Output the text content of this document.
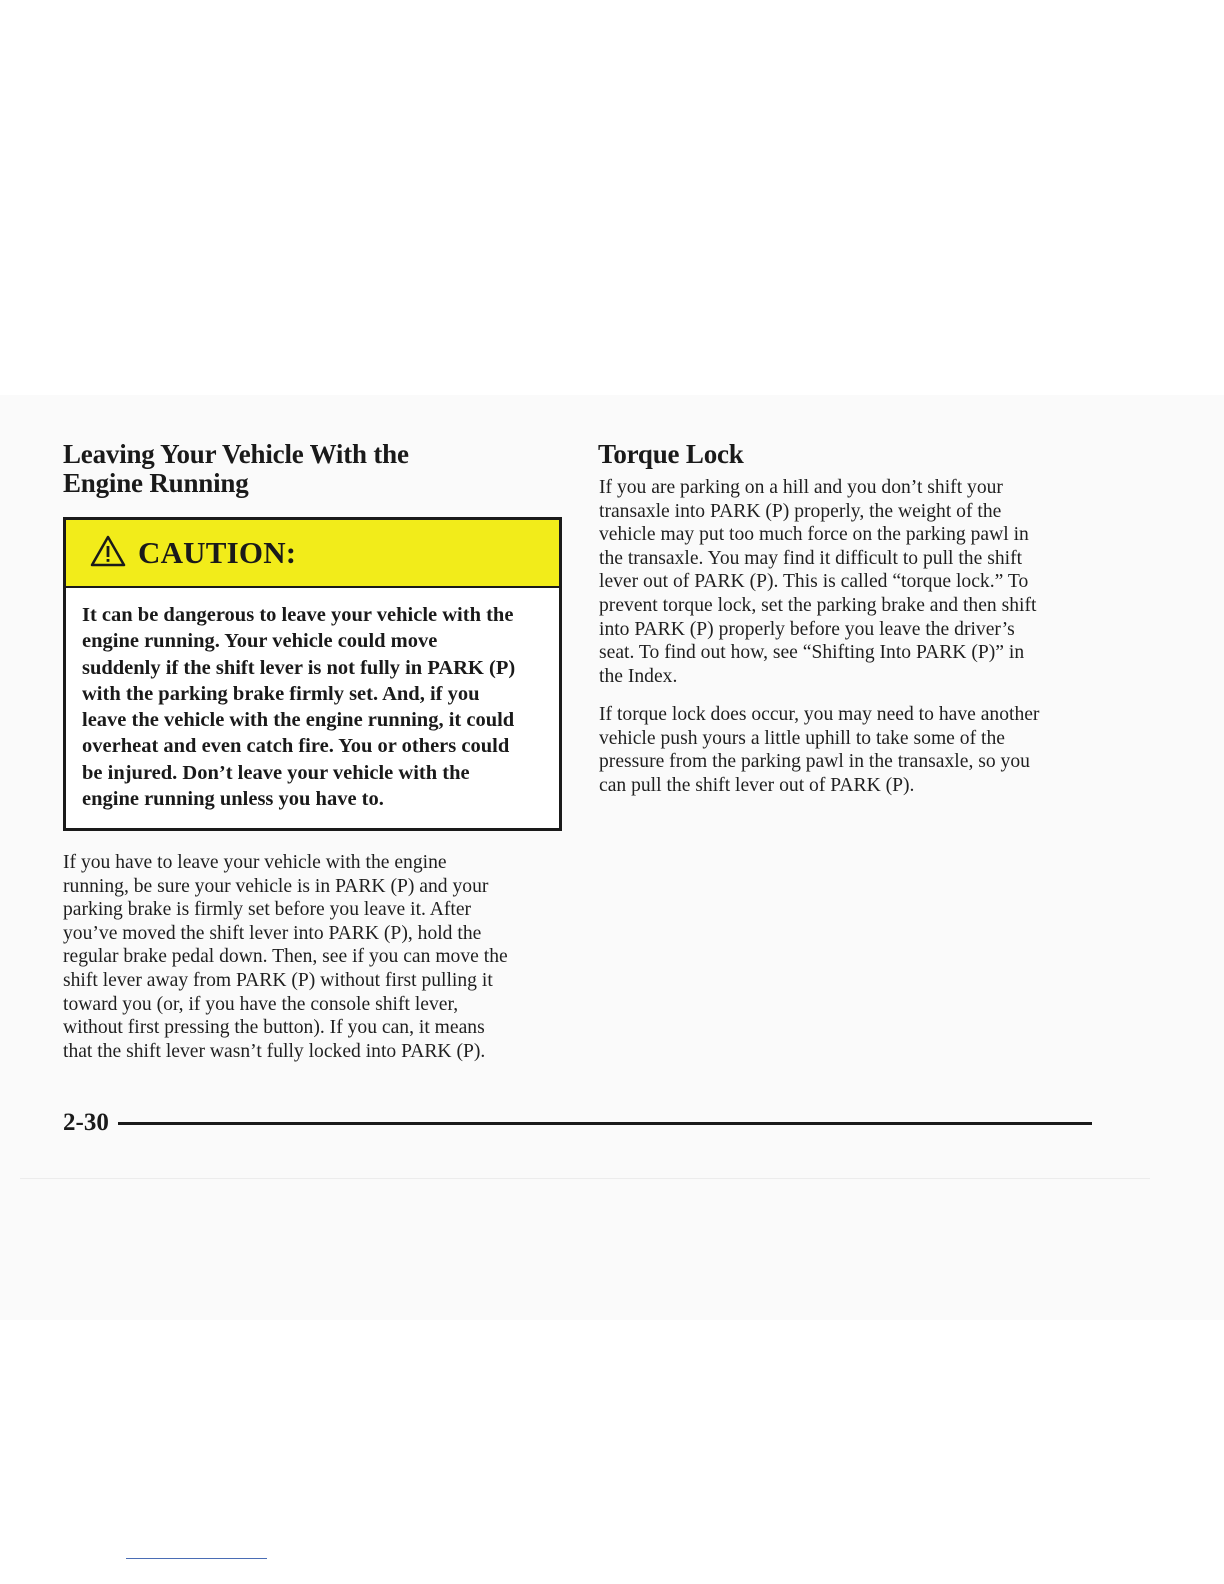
Leaving Your Vehicle With the
Engine Running
CAUTION:

It can be dangerous to leave your vehicle with the
engine running. Your vehicle could move
suddenly if the shift lever is not fully in PARK (P)
with the parking brake firmly set. And, if you
leave the vehicle with the engine running, it could
overheat and even catch fire. You or others could
be injured. Don’t leave your vehicle with the
engine running unless you have to.

If you have to leave your vehicle with the engine
running, be sure your vehicle is in PARK (P) and your
parking brake is firmly set before you leave it. After
you’ve moved the shift lever into PARK (P), hold the
regular brake pedal down. Then, see if you can move the
shift lever away from PARK (P) without first pulling it
toward you (or, if you have the console shift lever,
without first pressing the button). If you can, it means
that the shift lever wasn’t fully locked into PARK (P).

Torque Lock

If you are parking on a hill and you don’t shift your
transaxle into PARK (P) properly, the weight of the
vehicle may put too much force on the parking pawl in
the transaxle. You may find it difficult to pull the shift
lever out of PARK (P). This is called “torque lock.” To
prevent torque lock, set the parking brake and then shift
into PARK (P) properly before you leave the driver’s
seat. To find out how, see “Shifting Into PARK (P)” in
the Index.

If torque lock does occur, you may need to have another
vehicle push yours a little uphill to take some of the
pressure from the parking pawl in the transaxle, so you
can pull the shift lever out of PARK (P).

2-30
